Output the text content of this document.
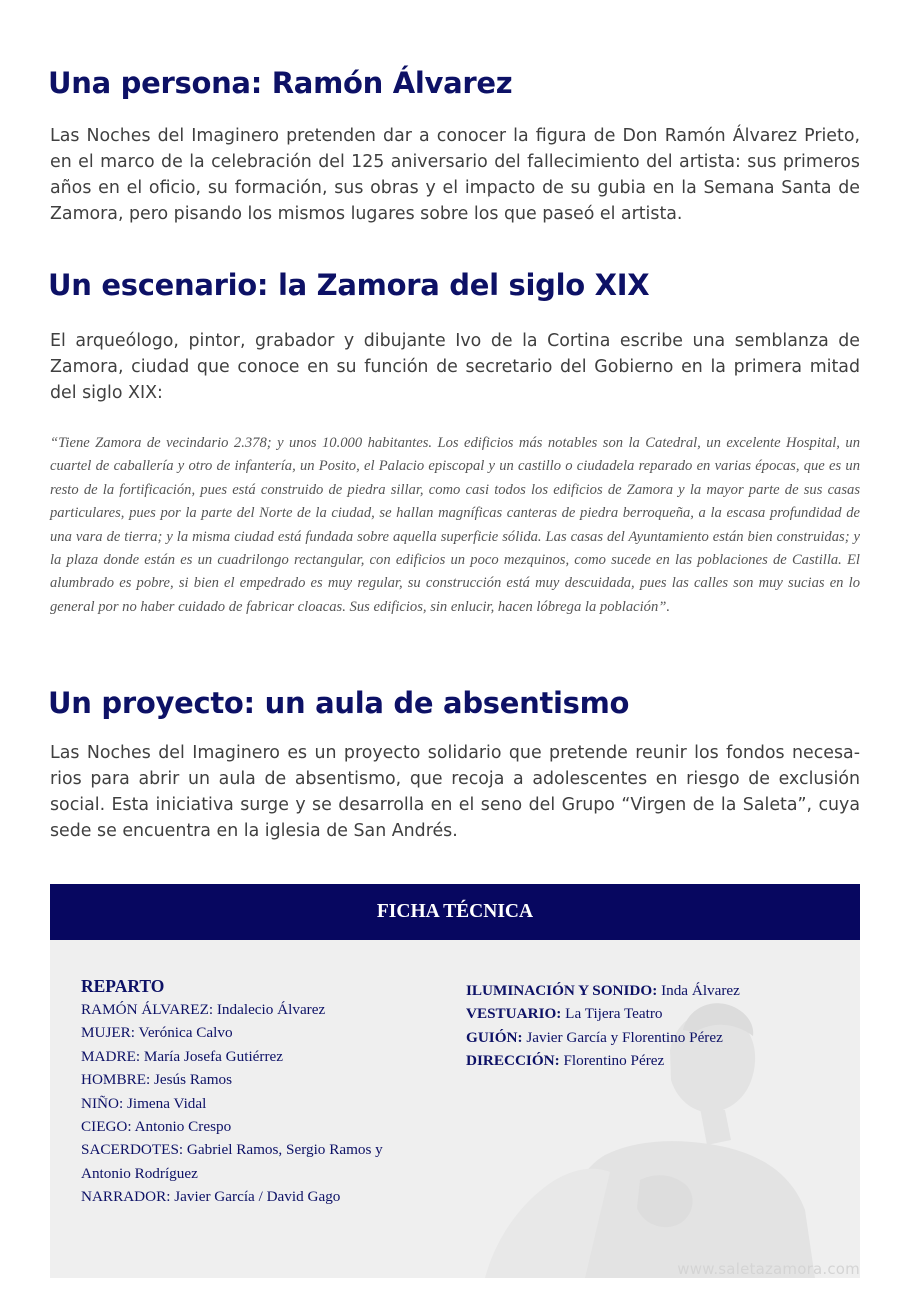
Una persona: Ramón Álvarez

Las Noches del Imaginero pretenden dar a conocer la figura de Don Ramón Álvarez Prieto, en el marco de la celebración del 125 aniversario del fallecimiento del artista: sus primeros años en el oficio, su formación, sus obras y el impacto de su gubia en la Semana Santa de Zamora, pero pisando los mismos lugares sobre los que paseó el artista.

Un escenario: la Zamora del siglo XIX

El arqueólogo, pintor, grabador y dibujante Ivo de la Cortina escribe una semblanza de Zamora, ciudad que conoce en su función de secretario del Gobierno en la primera mitad del siglo XIX:

“Tiene Zamora de vecindario 2.378; y unos 10.000 habitantes. Los edificios más notables son la Catedral, un excelente Hospital, un cuartel de caballería y otro de infantería, un Posito, el Palacio episcopal y un castillo o ciudadela reparado en varias épocas, que es un resto de la fortificación, pues está construido de piedra sillar, como casi todos los edificios de Zamora y la mayor parte de sus casas particulares, pues por la parte del Norte de la ciudad, se hallan magníficas canteras de piedra berroqueña, a la escasa profundidad de una vara de tierra; y la misma ciudad está fundada sobre aquella superficie sólida. Las casas del Ayuntamiento están bien construidas; y la plaza donde están es un cuadrilongo rectangular, con edificios un poco mezquinos, como sucede en las poblaciones de Castilla. El alumbrado es pobre, si bien el empedrado es muy regular, su construcción está muy descuidada, pues las calles son muy sucias en lo general por no haber cuidado de fabricar cloacas. Sus edificios, sin enlucir, hacen lóbrega la población”.

Un proyecto: un aula de absentismo

Las Noches del Imaginero es un proyecto solidario que pretende reunir los fondos necesarios para abrir un aula de absentismo, que recoja a adolescentes en riesgo de exclusión social. Esta iniciativa surge y se desarrolla en el seno del Grupo “Virgen de la Saleta”, cuya sede se encuentra en la iglesia de San Andrés.

FICHA TÉCNICA
REPARTO
RAMÓN ÁLVAREZ: Indalecio Álvarez
MUJER: Verónica Calvo
MADRE: María Josefa Gutiérrez
HOMBRE: Jesús Ramos
NIÑO: Jimena Vidal
CIEGO: Antonio Crespo
SACERDOTES: Gabriel Ramos, Sergio Ramos y Antonio Rodríguez
NARRADOR: Javier García / David Gago
ILUMINACIÓN Y SONIDO: Inda Álvarez
VESTUARIO: La Tijera Teatro
GUIÓN: Javier García y Florentino Pérez
DIRECCIÓN: Florentino Pérez
www.saletazamora.com
